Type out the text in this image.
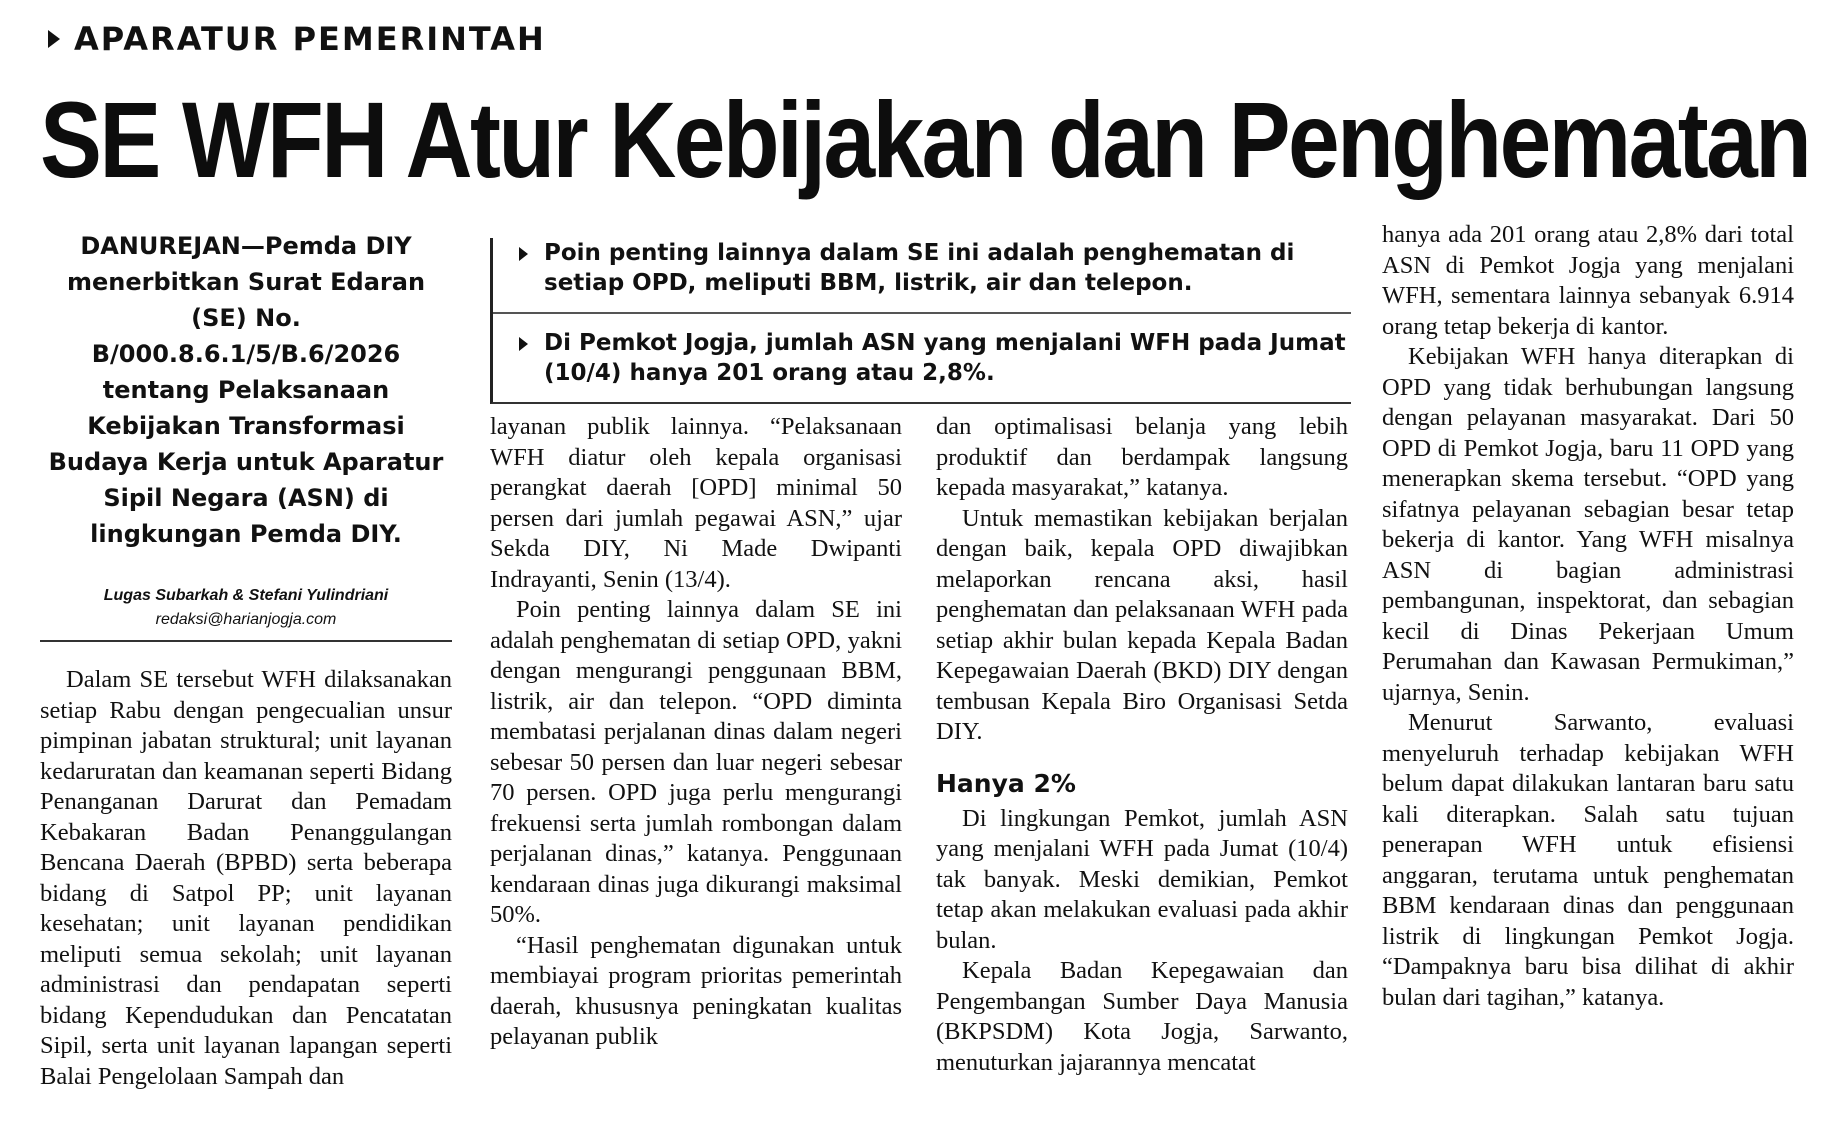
APARATUR PEMERINTAH
SE WFH Atur Kebijakan dan Penghematan
DANUREJAN—Pemda DIY menerbitkan Surat Edaran (SE) No. B/000.8.6.1/5/B.6/2026 tentang Pelaksanaan Kebijakan Transformasi Budaya Kerja untuk Aparatur Sipil Negara (ASN) di lingkungan Pemda DIY.
Lugas Subarkah & Stefani Yulindriani
redaksi@harianjogja.com

Dalam SE tersebut WFH dilaksanakan setiap Rabu dengan pengecualian unsur pimpinan jabatan struktural; unit layanan kedaruratan dan keamanan seperti Bidang Penanganan Darurat dan Pemadam Kebakaran Badan Penanggulangan Bencana Daerah (BPBD) serta beberapa bidang di Satpol PP; unit layanan kesehatan; unit layanan pendidikan meliputi semua sekolah; unit layanan administrasi dan pendapatan seperti bidang Kependudukan dan Pencatatan Sipil, serta unit layanan lapangan seperti Balai Pengelolaan Sampah dan

Poin penting lainnya dalam SE ini adalah penghematan di setiap OPD, meliputi BBM, listrik, air dan telepon.
Di Pemkot Jogja, jumlah ASN yang menjalani WFH pada Jumat (10/4) hanya 201 orang atau 2,8%.

layanan publik lainnya. “Pelaksanaan WFH diatur oleh kepala organisasi perangkat daerah [OPD] minimal 50 persen dari jumlah pegawai ASN,” ujar Sekda DIY, Ni Made Dwipanti Indrayanti, Senin (13/4).

Poin penting lainnya dalam SE ini adalah penghematan di setiap OPD, yakni dengan mengurangi penggunaan BBM, listrik, air dan telepon. “OPD diminta membatasi perjalanan dinas dalam negeri sebesar 50 persen dan luar negeri sebesar 70 persen. OPD juga perlu mengurangi frekuensi serta jumlah rombongan dalam perjalanan dinas,” katanya. Penggunaan kendaraan dinas juga dikurangi maksimal 50%.

“Hasil penghematan digunakan untuk membiayai program prioritas pemerintah daerah, khususnya peningkatan kualitas pelayanan publik

dan optimalisasi belanja yang lebih produktif dan berdampak langsung kepada masyarakat,” katanya.

Untuk memastikan kebijakan berjalan dengan baik, kepala OPD diwajibkan melaporkan rencana aksi, hasil penghematan dan pelaksanaan WFH pada setiap akhir bulan kepada Kepala Badan Kepegawaian Daerah (BKD) DIY dengan tembusan Kepala Biro Organisasi Setda DIY.

Hanya 2%

Di lingkungan Pemkot, jumlah ASN yang menjalani WFH pada Jumat (10/4) tak banyak. Meski demikian, Pemkot tetap akan melakukan evaluasi pada akhir bulan.

Kepala Badan Kepegawaian dan Pengembangan Sumber Daya Manusia (BKPSDM) Kota Jogja, Sarwanto, menuturkan jajarannya mencatat

hanya ada 201 orang atau 2,8% dari total ASN di Pemkot Jogja yang menjalani WFH, sementara lainnya sebanyak 6.914 orang tetap bekerja di kantor.

Kebijakan WFH hanya diterapkan di OPD yang tidak berhubungan langsung dengan pelayanan masyarakat. Dari 50 OPD di Pemkot Jogja, baru 11 OPD yang menerapkan skema tersebut. “OPD yang sifatnya pelayanan sebagian besar tetap bekerja di kantor. Yang WFH misalnya ASN di bagian administrasi pembangunan, inspektorat, dan sebagian kecil di Dinas Pekerjaan Umum Perumahan dan Kawasan Permukiman,” ujarnya, Senin.

Menurut Sarwanto, evaluasi menyeluruh terhadap kebijakan WFH belum dapat dilakukan lantaran baru satu kali diterapkan. Salah satu tujuan penerapan WFH untuk efisiensi anggaran, terutama untuk penghematan BBM kendaraan dinas dan penggunaan listrik di lingkungan Pemkot Jogja. “Dampaknya baru bisa dilihat di akhir bulan dari tagihan,” katanya.
